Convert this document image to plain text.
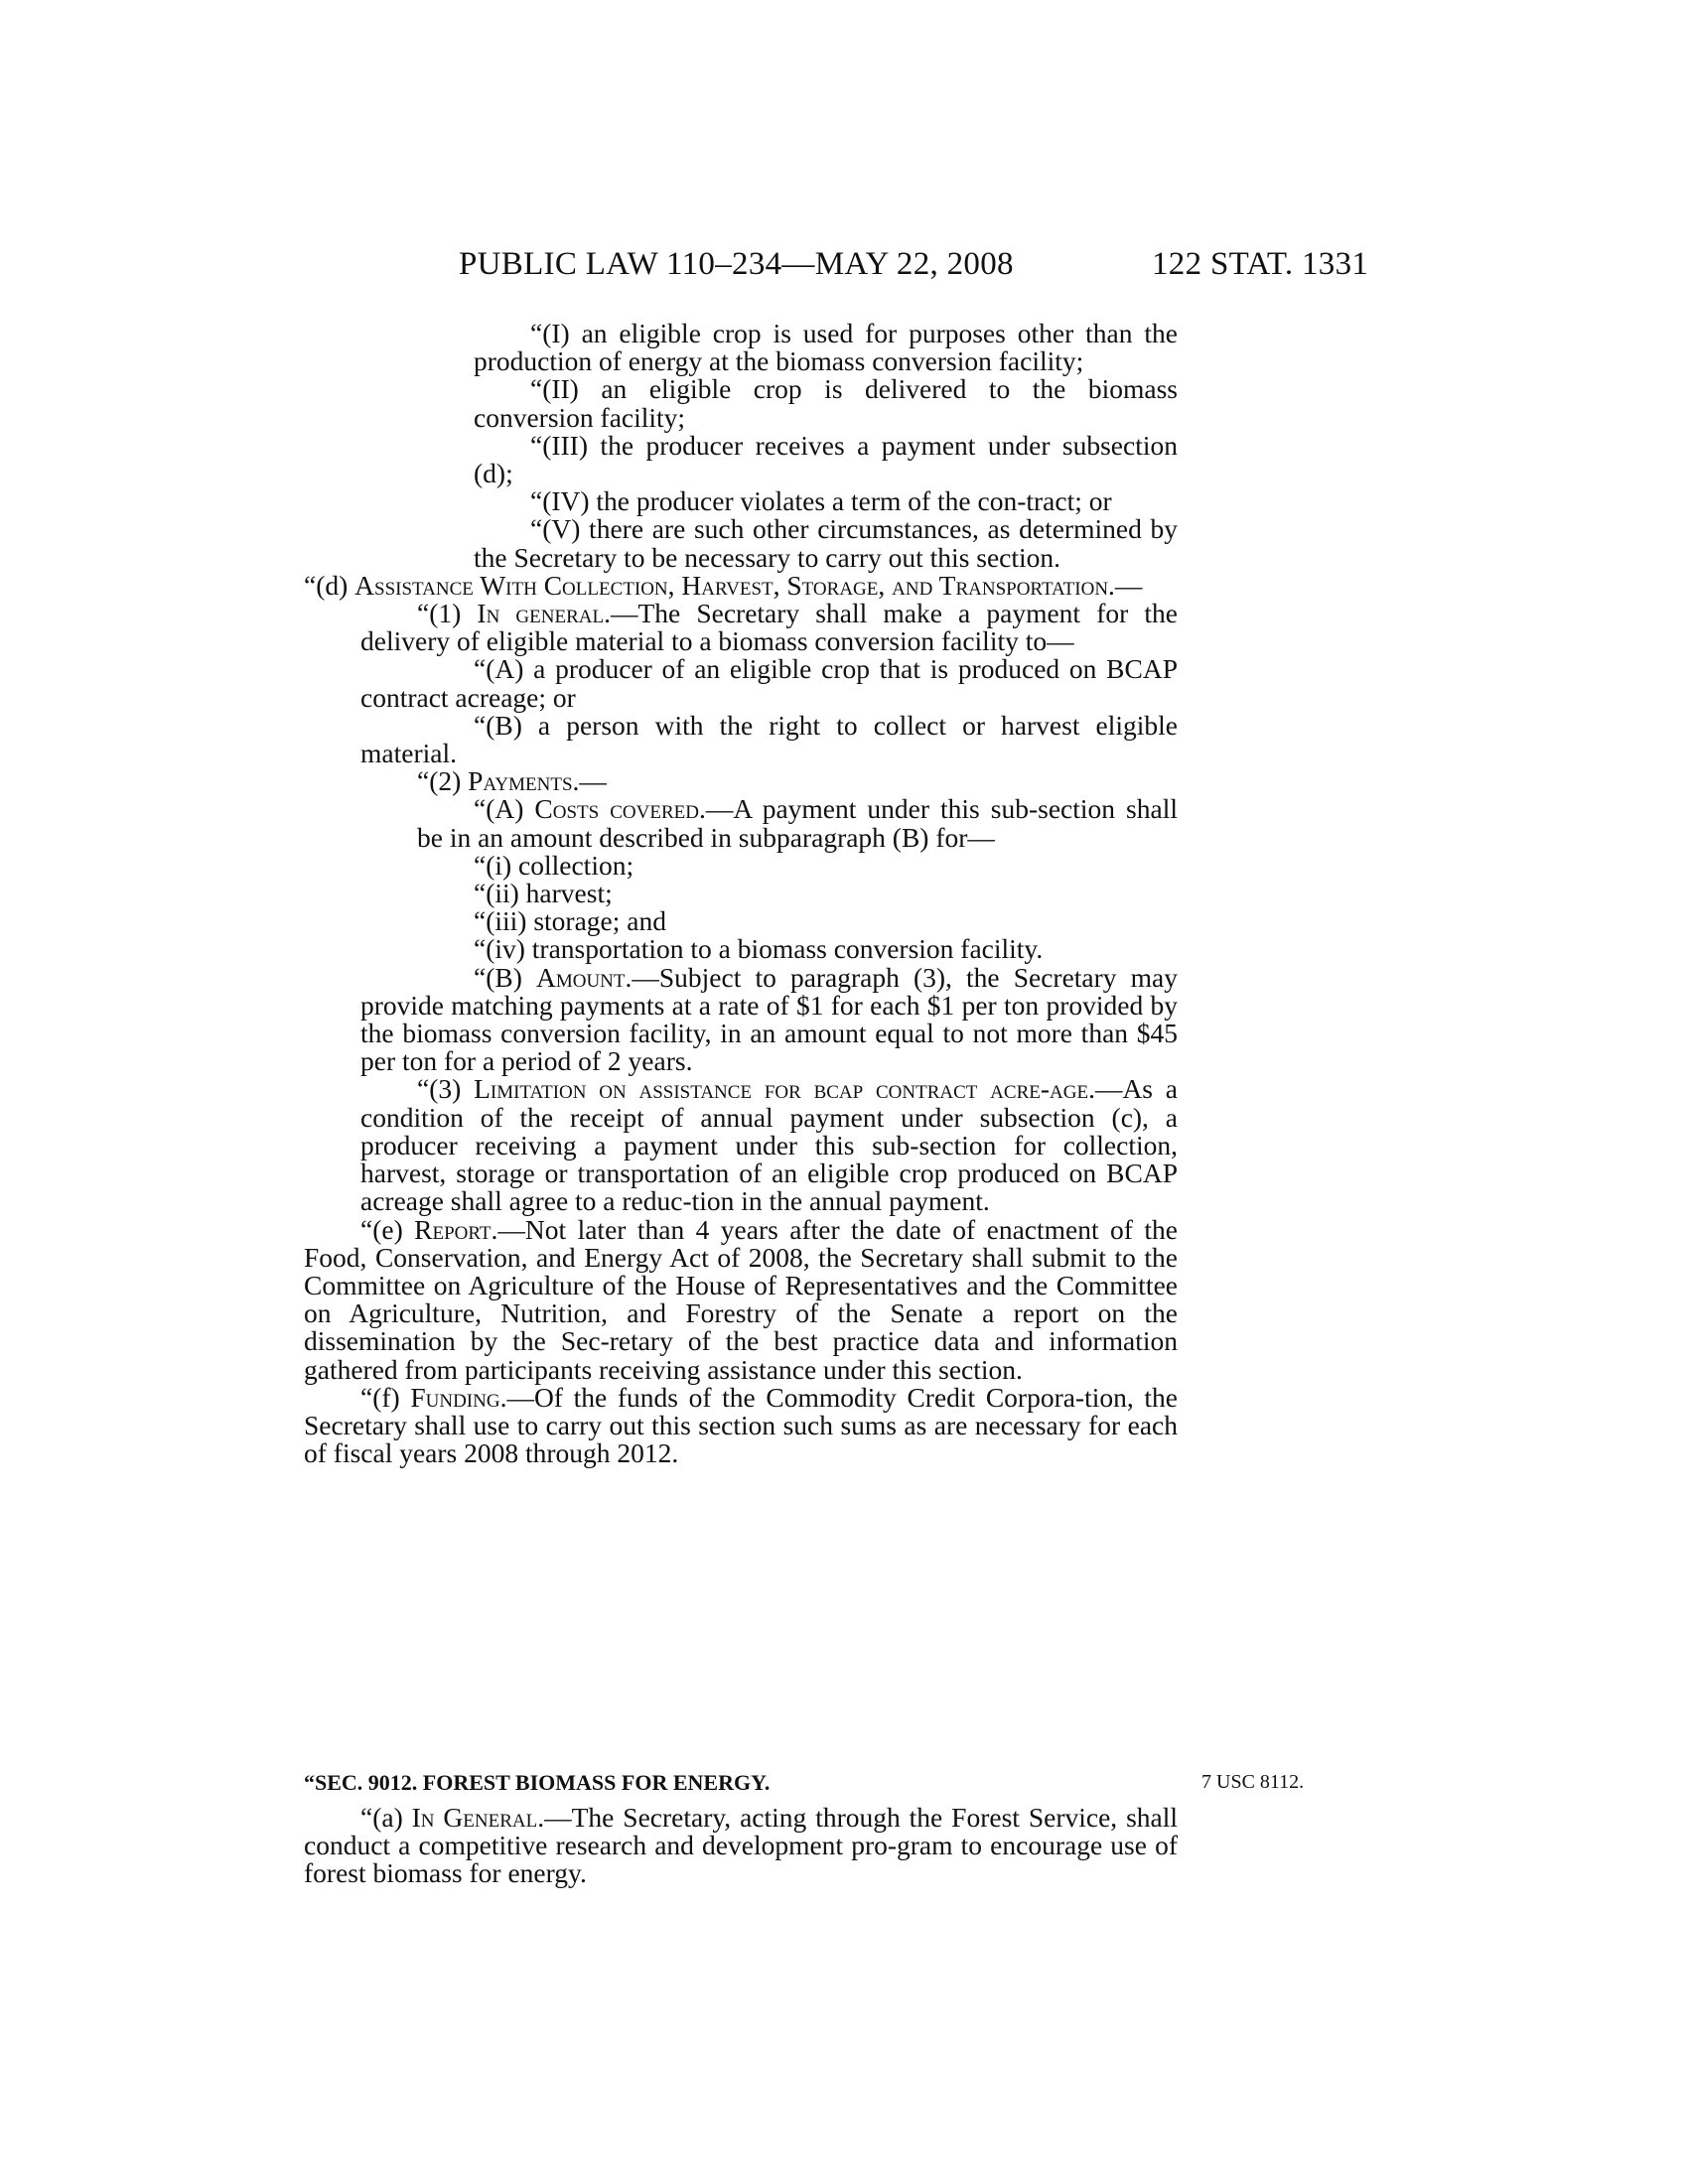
PUBLIC LAW 110–234—MAY 22, 2008	122 STAT. 1331

“(I) an eligible crop is used for purposes other than the production of energy at the biomass conversion facility;

“(II) an eligible crop is delivered to the biomass conversion facility;

“(III) the producer receives a payment under subsection (d);

“(IV) the producer violates a term of the con-tract; or

“(V) there are such other circumstances, as determined by the Secretary to be necessary to carry out this section.

“(d) Assistance With Collection, Harvest, Storage, and Transportation.—

“(1) In general.—The Secretary shall make a payment for the delivery of eligible material to a biomass conversion facility to—

“(A) a producer of an eligible crop that is produced on BCAP contract acreage; or

“(B) a person with the right to collect or harvest eligible material.

“(2) Payments.—

“(A) Costs covered.—A payment under this sub-section shall be in an amount described in subparagraph (B) for—

“(i) collection;

“(ii) harvest;

“(iii) storage; and

“(iv) transportation to a biomass conversion facility.

“(B) Amount.—Subject to paragraph (3), the Secretary may provide matching payments at a rate of $1 for each $1 per ton provided by the biomass conversion facility, in an amount equal to not more than $45 per ton for a period of 2 years.

“(3) Limitation on assistance for bcap contract acre-age.—As a condition of the receipt of annual payment under subsection (c), a producer receiving a payment under this sub-section for collection, harvest, storage or transportation of an eligible crop produced on BCAP acreage shall agree to a reduc-tion in the annual payment.

“(e) Report.—Not later than 4 years after the date of enactment of the Food, Conservation, and Energy Act of 2008, the Secretary shall submit to the Committee on Agriculture of the House of Representatives and the Committee on Agriculture, Nutrition, and Forestry of the Senate a report on the dissemination by the Sec-retary of the best practice data and information gathered from participants receiving assistance under this section.

“(f) Funding.—Of the funds of the Commodity Credit Corpora-tion, the Secretary shall use to carry out this section such sums as are necessary for each of fiscal years 2008 through 2012.

“SEC. 9012. FOREST BIOMASS FOR ENERGY.	7 USC 8112.

“(a) In General.—The Secretary, acting through the Forest Service, shall conduct a competitive research and development pro-gram to encourage use of forest biomass for energy.
